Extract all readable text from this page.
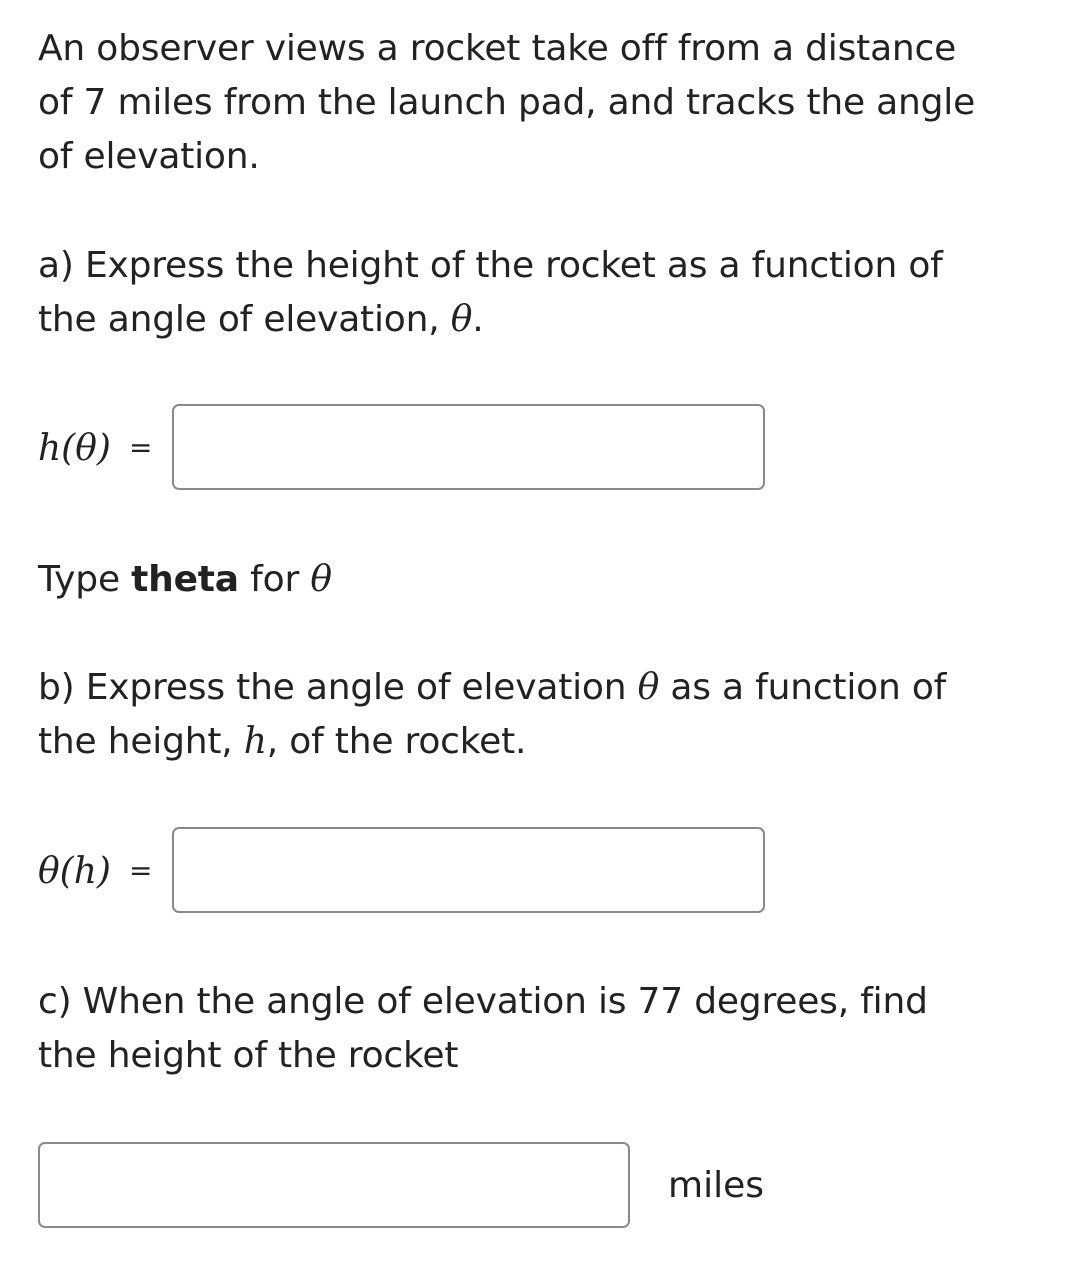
An observer views a rocket take off from a distance
of 7 miles from the launch pad, and tracks the angle
of elevation.
a) Express the height of the rocket as a function of
the angle of elevation, θ.
h(θ) =
Type theta for θ
b) Express the angle of elevation θ as a function of
the height, h, of the rocket.
θ(h) =
c) When the angle of elevation is 77 degrees, find
the height of the rocket
miles
